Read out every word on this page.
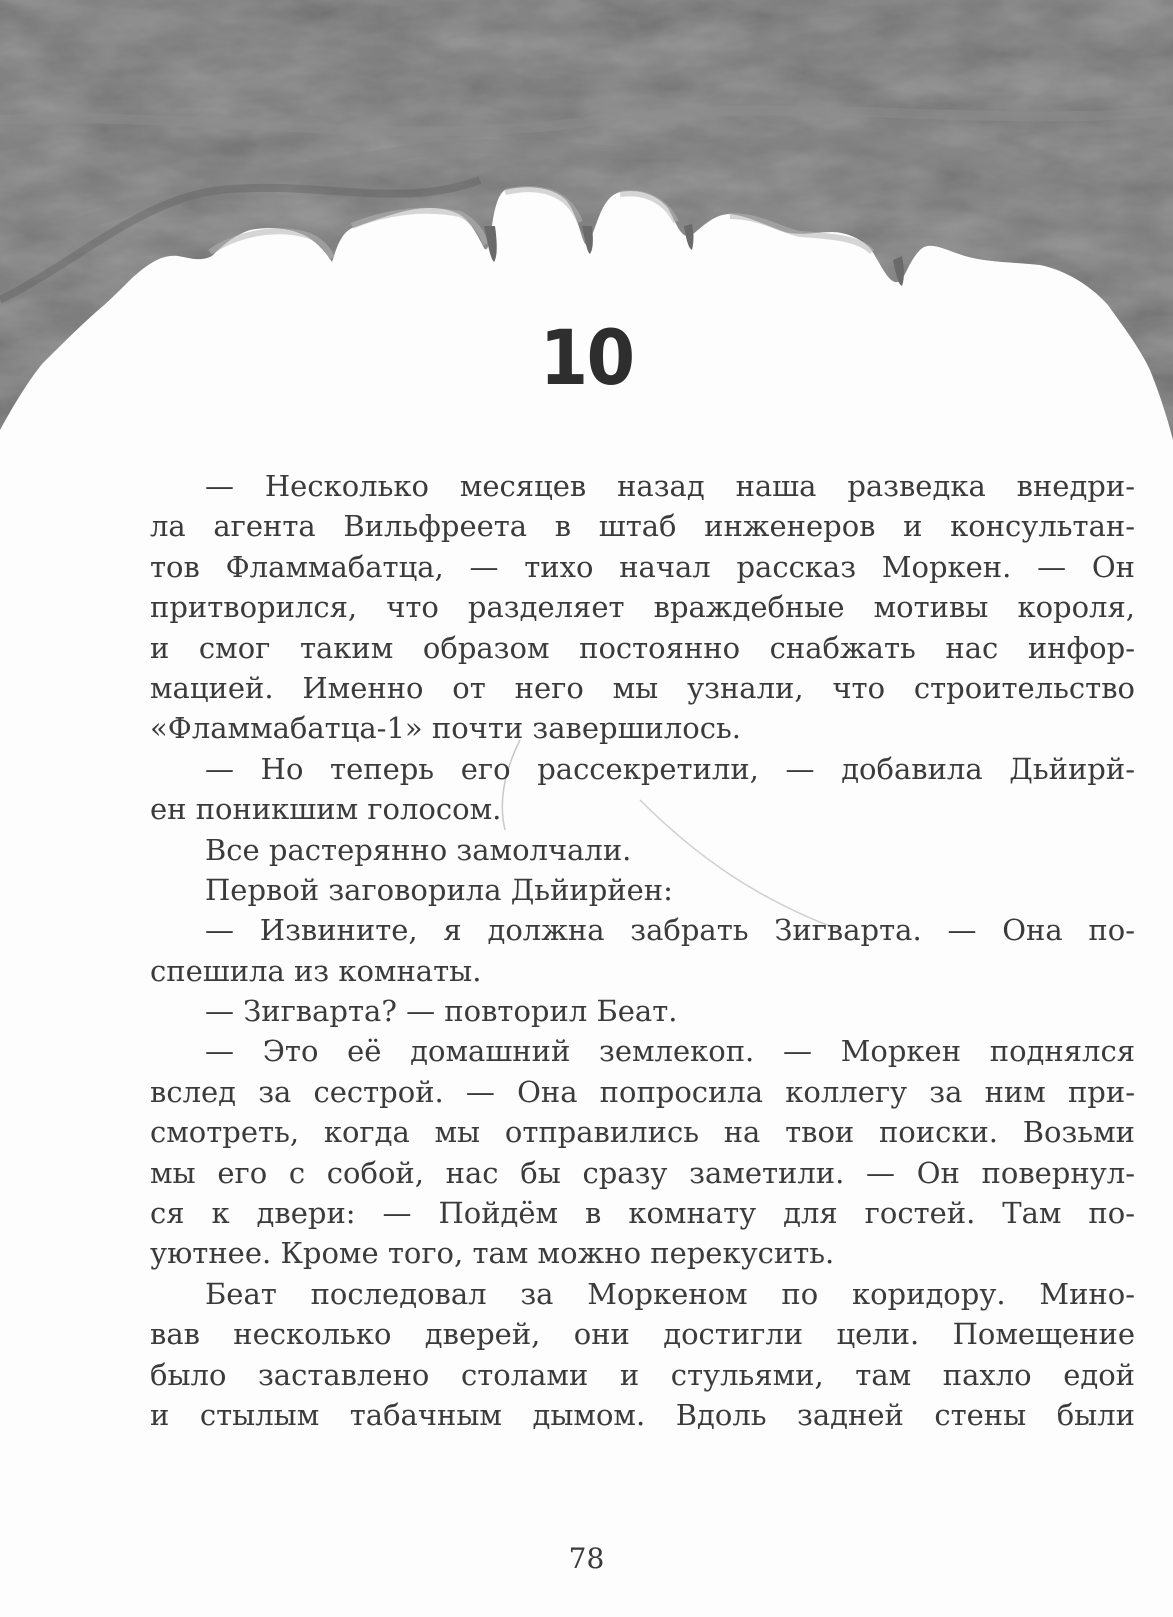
10
— Несколько месяцев назад наша разведка внедри-
ла агента Вильфреета в штаб инженеров и консультан-
тов Фламмабатца, — тихо начал рассказ Моркен. — Он
притворился, что разделяет враждебные мотивы короля,
и смог таким образом постоянно снабжать нас инфор-
мацией. Именно от него мы узнали, что строительство
«Фламмабатца-1» почти завершилось.
— Но теперь его рассекретили, — добавила Дьйирй-
ен поникшим голосом.
Все растерянно замолчали.
Первой заговорила Дьйирйен:
— Извините, я должна забрать Зигварта. — Она по-
спешила из комнаты.
— Зигварта? — повторил Беат.
— Это её домашний землекоп. — Моркен поднялся
вслед за сестрой. — Она попросила коллегу за ним при-
смотреть, когда мы отправились на твои поиски. Возьми
мы его с собой, нас бы сразу заметили. — Он повернул-
ся к двери: — Пойдём в комнату для гостей. Там по-
уютнее. Кроме того, там можно перекусить.
Беат последовал за Моркеном по коридору. Мино-
вав несколько дверей, они достигли цели. Помещение
было заставлено столами и стульями, там пахло едой
и стылым табачным дымом. Вдоль задней стены были
78
